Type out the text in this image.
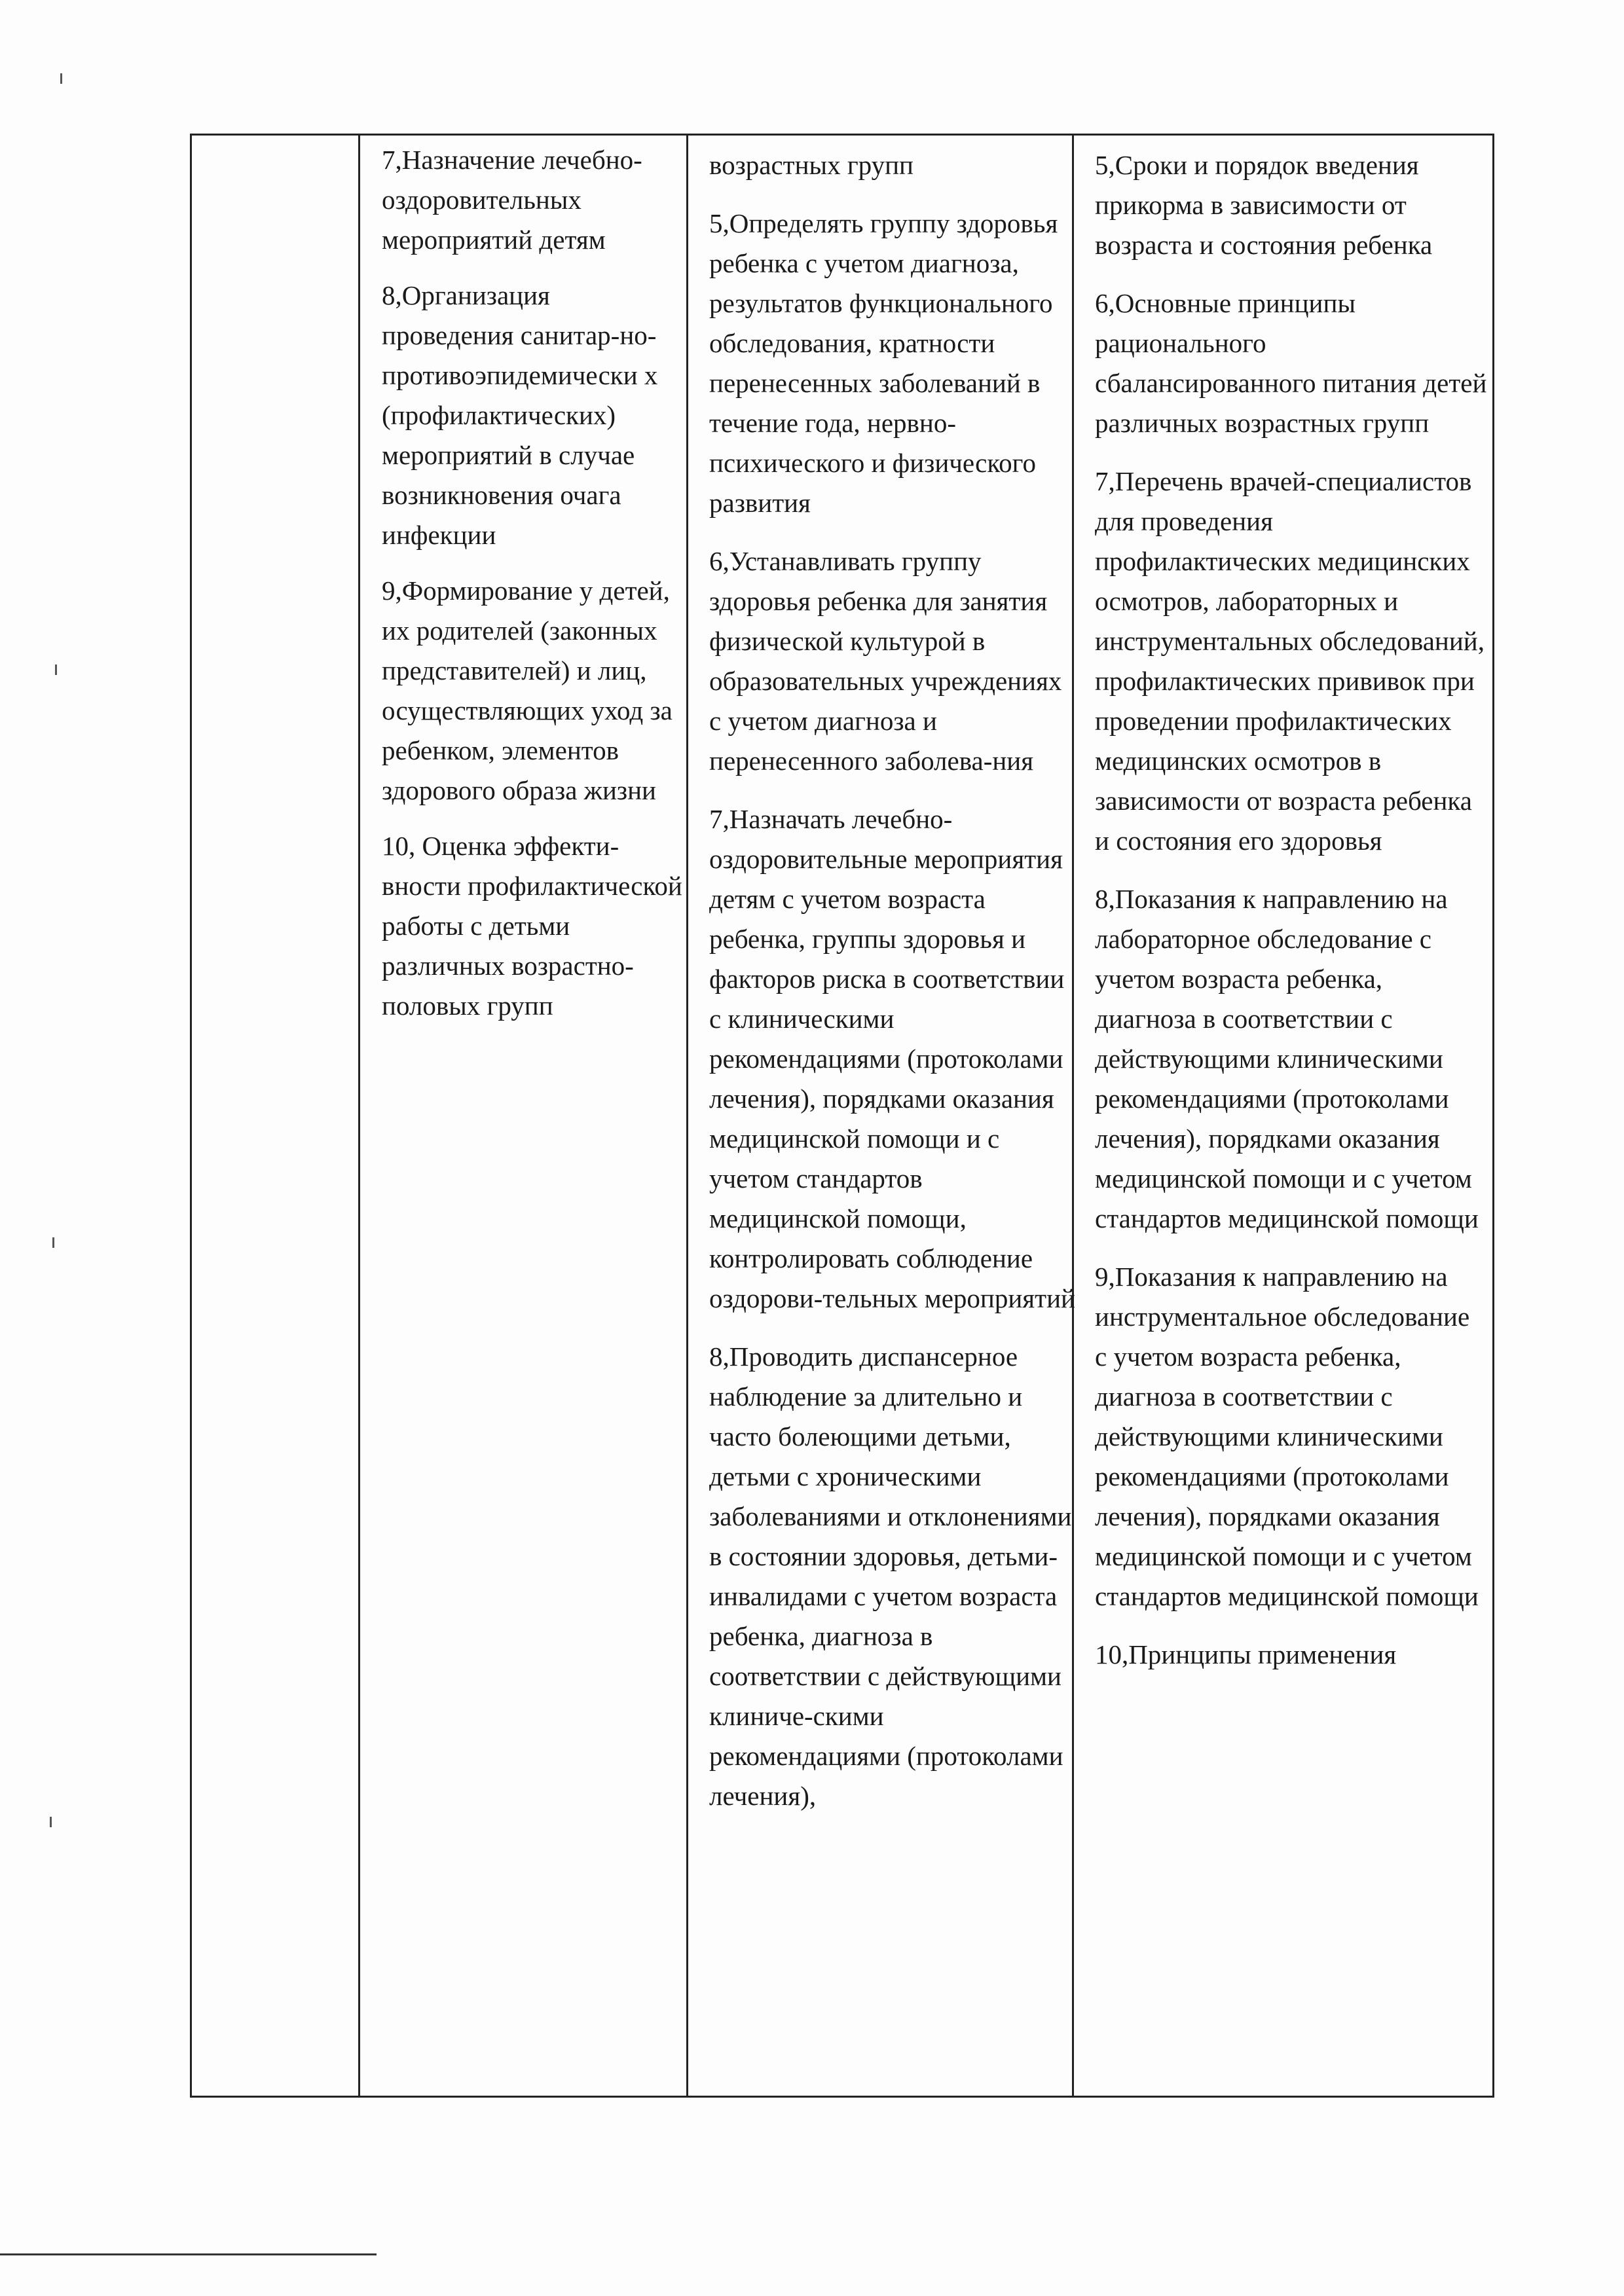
7,Назначение лечебно-оздоровительных мероприятий детям

8,Организация проведения санитар-но-противоэпидемически х (профилактических) мероприятий в случае возникновения очага инфекции

9,Формирование у детей, их родителей (законных представителей) и лиц, осуществляющих уход за ребенком, элементов здорового образа жизни

10, Оценка эффекти-вности профилактической работы с детьми различных возрастно-половых групп

возрастных групп

5,Определять группу здоровья ребенка с учетом диагноза, результатов функционального обследования, кратности перенесенных заболеваний в течение года, нервно-психического и физического развития

6,Устанавливать группу здоровья ребенка для занятия физической культурой в образовательных учреждениях с учетом диагноза и перенесенного заболева-ния

7,Назначать лечебно-оздоровительные мероприятия детям с учетом возраста ребенка, группы здоровья и факторов риска в соответствии с клиническими рекомендациями (протоколами лечения), порядками оказания медицинской помощи и с учетом стандартов медицинской помощи, контролировать соблюдение оздорови-тельных мероприятий

8,Проводить диспансерное наблюдение за длительно и часто болеющими детьми, детьми с хроническими заболеваниями и отклонениями в состоянии здоровья, детьми-инвалидами с учетом возраста ребенка, диагноза в соответствии с действующими клиниче-скими рекомендациями (протоколами лечения),

5,Сроки и порядок введения прикорма в зависимости от возраста и состояния ребенка

6,Основные принципы рационального сбалансированного питания детей различных возрастных групп

7,Перечень врачей-специалистов для проведения профилактических медицинских осмотров, лабораторных и инструментальных обследований, профилактических прививок при проведении профилактических медицинских осмотров в зависимости от возраста ребенка и состояния его здоровья

8,Показания к направлению на лабораторное обследование с учетом возраста ребенка, диагноза в соответствии с действующими клиническими рекомендациями (протоколами лечения), порядками оказания медицинской помощи и с учетом стандартов медицинской помощи

9,Показания к направлению на инструментальное обследование с учетом возраста ребенка, диагноза в соответствии с действующими клиническими рекомендациями (протоколами лечения), порядками оказания медицинской помощи и с учетом стандартов медицинской помощи

10,Принципы применения
